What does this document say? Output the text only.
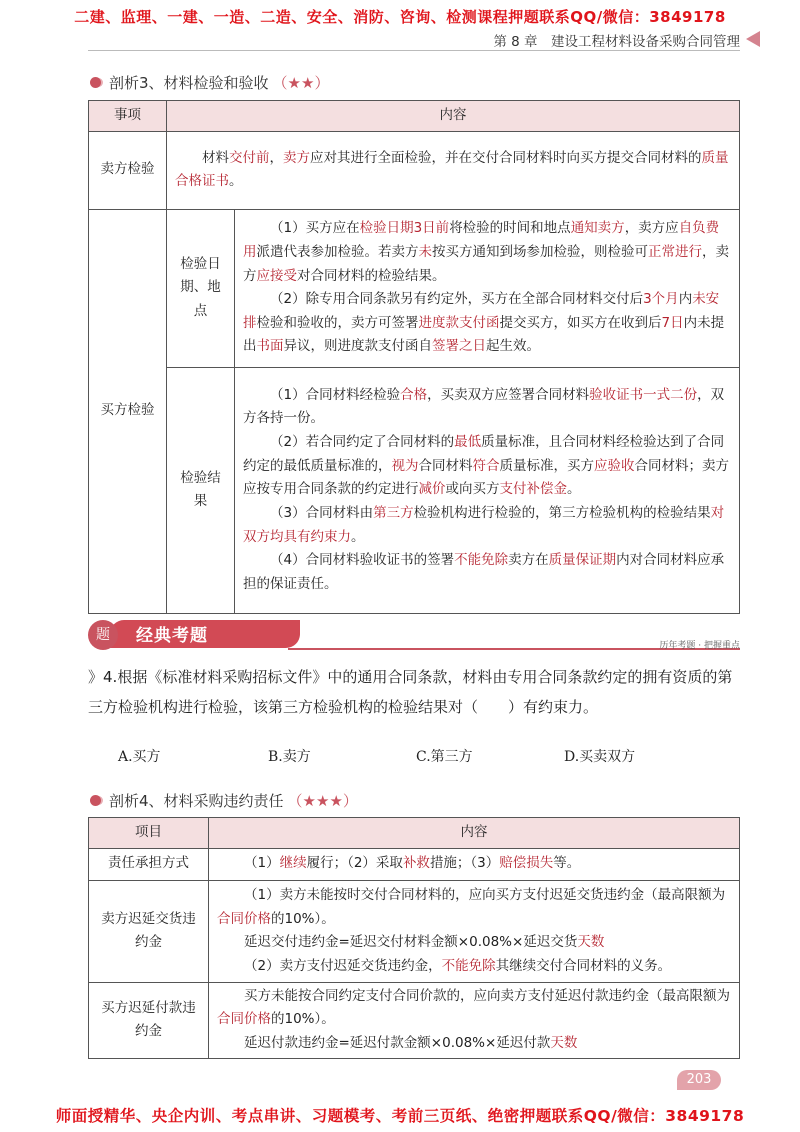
二建、监理、一建、一造、二造、安全、消防、咨询、检测课程押题联系QQ/微信：3849178
第 8 章　建设工程材料设备采购合同管理
剖析3、材料检验和验收 （★★）
事项	内容	
卖方检验	材料交付前，卖方应对其进行全面检验，并在交付合同材料时向买方提交合同材料的质量合格证书。	

买方检验	检验日期、地点	（1）买方应在检验日期3日前将检验的时间和地点通知卖方，卖方应自负费用派遣代表参加检验。若卖方未按买方通知到场参加检验，则检验可正常进行，卖方应接受对合同材料的检验结果。

（2）除专用合同条款另有约定外，买方在全部合同材料交付后3个月内未安排检验和验收的，卖方可签署进度款支付函提交买方，如买方在收到后7日内未提出书面异议，则进度款支付函自签署之日起生效。

	检验结果	（1）合同材料经检验合格，买卖双方应签署合同材料验收证书一式二份，双方各持一份。

（2）若合同约定了合同材料的最低质量标准，且合同材料经检验达到了合同约定的最低质量标准的，视为合同材料符合质量标准，买方应验收合同材料；卖方应按专用合同条款的约定进行减价或向买方支付补偿金。

（3）合同材料由第三方检验机构进行检验的，第三方检验机构的检验结果对双方均具有约束力。

（4）合同材料验收证书的签署不能免除卖方在质量保证期内对合同材料应承担的保证责任。

题	经典考题	历年考题 · 把握重点

》4.根据《标准材料采购招标文件》中的通用合同条款，材料由专用合同条款约定的拥有资质的第三方检验机构进行检验，该第三方检验机构的检验结果对（　　）有约束力。

A.买方	B.卖方	C.第三方	D.买卖双方
剖析4、材料采购违约责任 （★★★）
项目	内容
责任承担方式	（1）继续履行；（2）采取补救措施；（3）赔偿损失等。

卖方迟延交货违约金	（1）卖方未能按时交付合同材料的，应向买方支付迟延交货违约金（最高限额为合同价格的10%）。

延迟交付违约金=延迟交付材料金额×0.08%×延迟交货天数

（2）卖方支付迟延交货违约金，不能免除其继续交付合同材料的义务。

买方迟延付款违约金	买方未能按合同约定支付合同价款的，应向卖方支付延迟付款违约金（最高限额为合同价格的10%）。

延迟付款违约金=延迟付款金额×0.08%×延迟付款天数

203
师面授精华、央企内训、考点串讲、习题模考、考前三页纸、绝密押题联系QQ/微信：3849178
